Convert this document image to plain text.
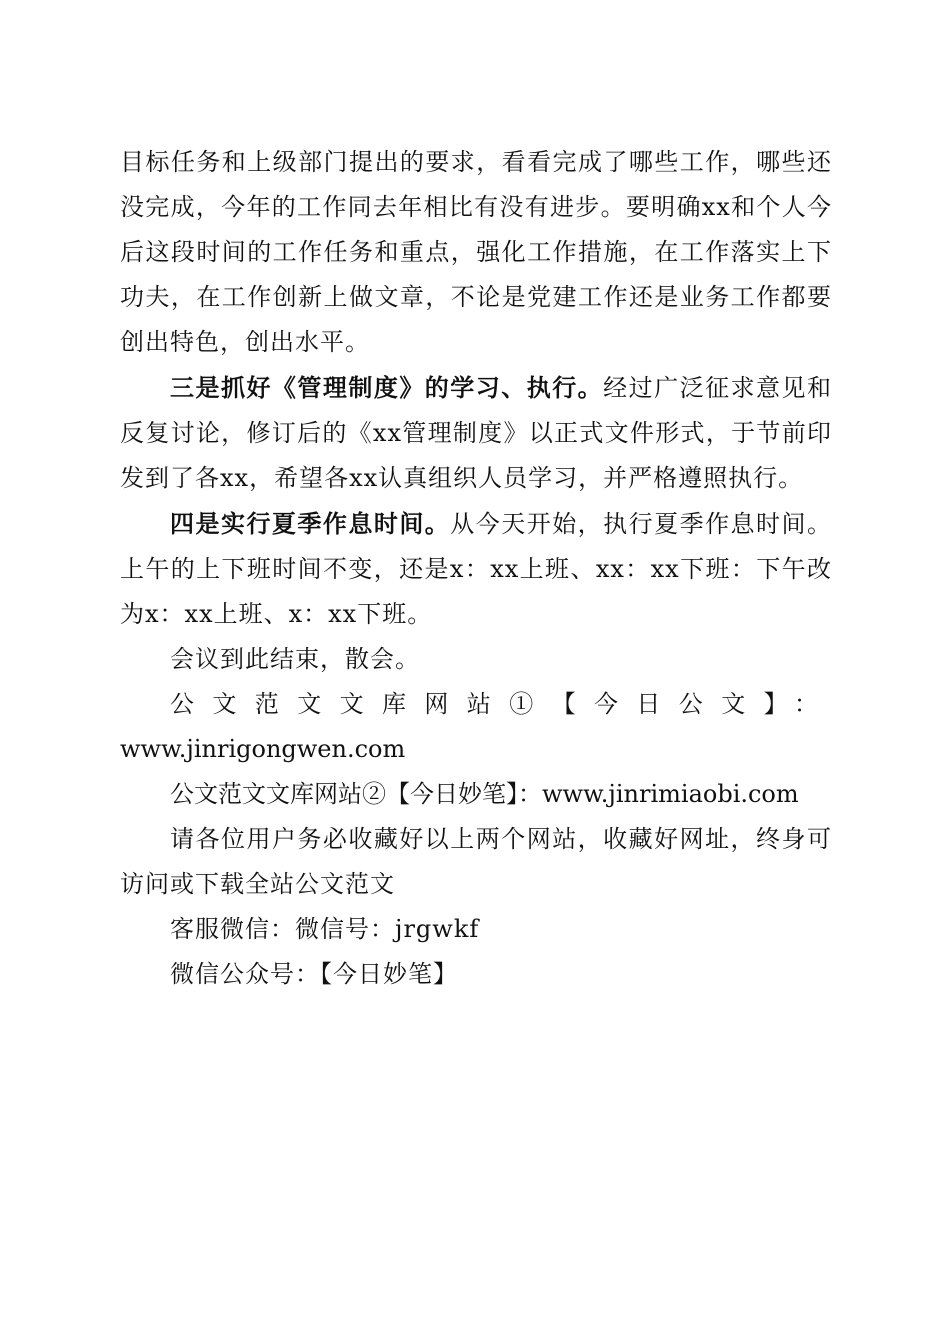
目标任务和上级部门提出的要求，看看完成了哪些工作，哪些还没完成，今年的工作同去年相比有没有进步。要明确xx和个人今后这段时间的工作任务和重点，强化工作措施，在工作落实上下功夫，在工作创新上做文章，不论是党建工作还是业务工作都要创出特色，创出水平。

三是抓好《管理制度》的学习、执行。经过广泛征求意见和反复讨论，修订后的《xx管理制度》以正式文件形式，于节前印发到了各xx，希望各xx认真组织人员学习，并严格遵照执行。

四是实行夏季作息时间。从今天开始，执行夏季作息时间。上午的上下班时间不变，还是x：xx上班、xx：xx下班：下午改为x：xx上班、x：xx下班。

会议到此结束，散会。

公文范文文库网站①【今日公文】：

www.jinrigongwen.com

公文范文文库网站②【今日妙笔】：www.jinrimiaobi.com

请各位用户务必收藏好以上两个网站，收藏好网址，终身可访问或下载全站公文范文

客服微信：微信号：jrgwkf

微信公众号：【今日妙笔】
